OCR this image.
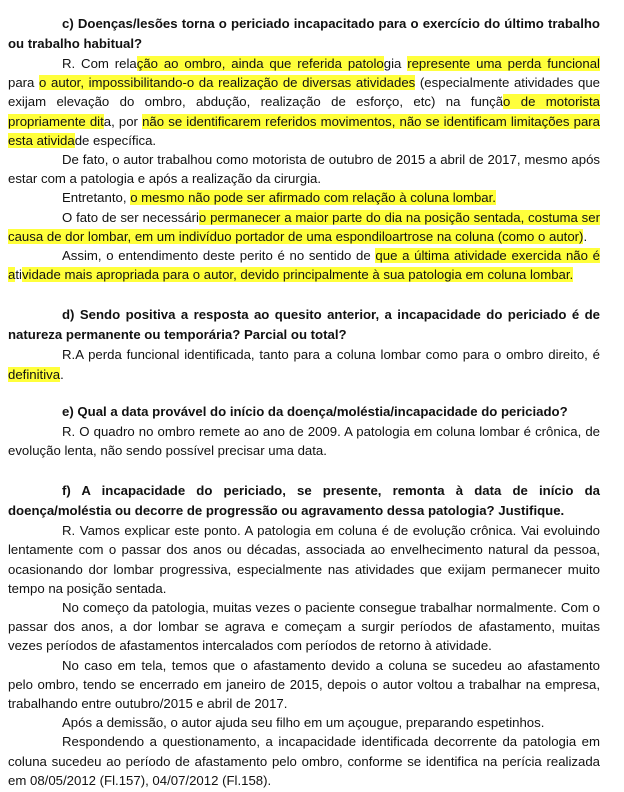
c) Doenças/lesões torna o periciado incapacitado para o exercício do último trabalho ou trabalho habitual?

R. Com relação ao ombro, ainda que referida patologia represente uma perda funcional para o autor, impossibilitando-o da realização de diversas atividades (especialmente atividades que exijam elevação do ombro, abdução, realização de esforço, etc) na função de motorista propriamente dita, por não se identificarem referidos movimentos, não se identificam limitações para esta atividade específica.

De fato, o autor trabalhou como motorista de outubro de 2015 a abril de 2017, mesmo após estar com a patologia e após a realização da cirurgia.

Entretanto, o mesmo não pode ser afirmado com relação à coluna lombar.

O fato de ser necessário permanecer a maior parte do dia na posição sentada, costuma ser causa de dor lombar, em um indivíduo portador de uma espondiloartrose na coluna (como o autor).

Assim, o entendimento deste perito é no sentido de que a última atividade exercida não é atividade mais apropriada para o autor, devido principalmente à sua patologia em coluna lombar.

d) Sendo positiva a resposta ao quesito anterior, a incapacidade do periciado é de natureza permanente ou temporária? Parcial ou total?

R.A perda funcional identificada, tanto para a coluna lombar como para o ombro direito, é definitiva.

e) Qual a data provável do início da doença/moléstia/incapacidade do periciado?

R. O quadro no ombro remete ao ano de 2009. A patologia em coluna lombar é crônica, de evolução lenta, não sendo possível precisar uma data.

f) A incapacidade do periciado, se presente, remonta à data de início da doença/moléstia ou decorre de progressão ou agravamento dessa patologia? Justifique.

R. Vamos explicar este ponto. A patologia em coluna é de evolução crônica. Vai evoluindo lentamente com o passar dos anos ou décadas, associada ao envelhecimento natural da pessoa, ocasionando dor lombar progressiva, especialmente nas atividades que exijam permanecer muito tempo na posição sentada.

No começo da patologia, muitas vezes o paciente consegue trabalhar normalmente. Com o passar dos anos, a dor lombar se agrava e começam a surgir períodos de afastamento, muitas vezes períodos de afastamentos intercalados com períodos de retorno à atividade.

No caso em tela, temos que o afastamento devido a coluna se sucedeu ao afastamento pelo ombro, tendo se encerrado em janeiro de 2015, depois o autor voltou a trabalhar na empresa, trabalhando entre outubro/2015 e abril de 2017.

Após a demissão, o autor ajuda seu filho em um açougue, preparando espetinhos.

Respondendo a questionamento, a incapacidade identificada decorrente da patologia em coluna sucedeu ao período de afastamento pelo ombro, conforme se identifica na perícia realizada em 08/05/2012 (Fl.157), 04/07/2012 (Fl.158).
